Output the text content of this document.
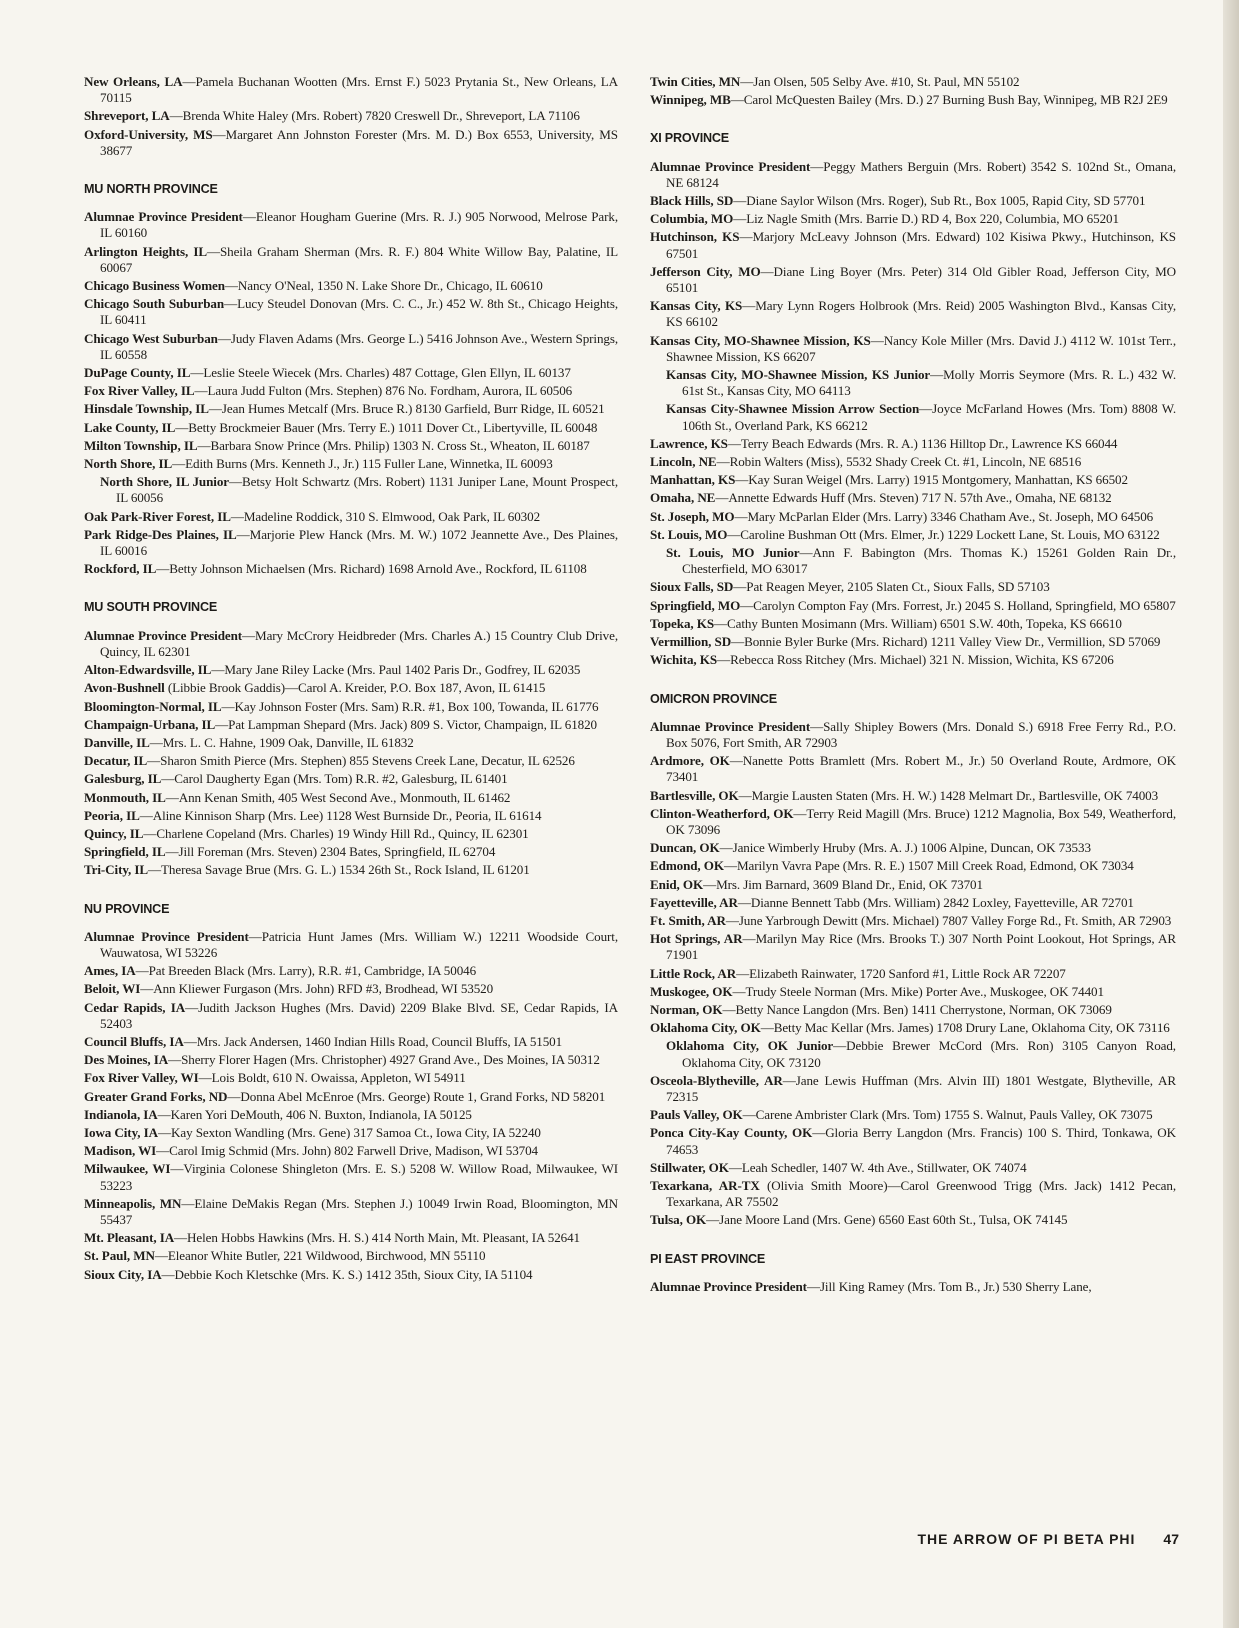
New Orleans, LA—Pamela Buchanan Wootten (Mrs. Ernst F.) 5023 Prytania St., New Orleans, LA 70115
Shreveport, LA—Brenda White Haley (Mrs. Robert) 7820 Creswell Dr., Shreveport, LA 71106
Oxford-University, MS—Margaret Ann Johnston Forester (Mrs. M. D.) Box 6553, University, MS 38677
MU NORTH PROVINCE
Alumnae Province President—Eleanor Hougham Guerine (Mrs. R. J.) 905 Norwood, Melrose Park, IL 60160
Arlington Heights, IL—Sheila Graham Sherman (Mrs. R. F.) 804 White Willow Bay, Palatine, IL 60067
Chicago Business Women—Nancy O'Neal, 1350 N. Lake Shore Dr., Chicago, IL 60610
Chicago South Suburban—Lucy Steudel Donovan (Mrs. C. C., Jr.) 452 W. 8th St., Chicago Heights, IL 60411
Chicago West Suburban—Judy Flaven Adams (Mrs. George L.) 5416 Johnson Ave., Western Springs, IL 60558
DuPage County, IL—Leslie Steele Wiecek (Mrs. Charles) 487 Cottage, Glen Ellyn, IL 60137
Fox River Valley, IL—Laura Judd Fulton (Mrs. Stephen) 876 No. Fordham, Aurora, IL 60506
Hinsdale Township, IL—Jean Humes Metcalf (Mrs. Bruce R.) 8130 Garfield, Burr Ridge, IL 60521
Lake County, IL—Betty Brockmeier Bauer (Mrs. Terry E.) 1011 Dover Ct., Libertyville, IL 60048
Milton Township, IL—Barbara Snow Prince (Mrs. Philip) 1303 N. Cross St., Wheaton, IL 60187
North Shore, IL—Edith Burns (Mrs. Kenneth J., Jr.) 115 Fuller Lane, Winnetka, IL 60093
North Shore, IL Junior—Betsy Holt Schwartz (Mrs. Robert) 1131 Juniper Lane, Mount Prospect, IL 60056
Oak Park-River Forest, IL—Madeline Roddick, 310 S. Elmwood, Oak Park, IL 60302
Park Ridge-Des Plaines, IL—Marjorie Plew Hanck (Mrs. M. W.) 1072 Jeannette Ave., Des Plaines, IL 60016
Rockford, IL—Betty Johnson Michaelsen (Mrs. Richard) 1698 Arnold Ave., Rockford, IL 61108
MU SOUTH PROVINCE
Alumnae Province President—Mary McCrory Heidbreder (Mrs. Charles A.) 15 Country Club Drive, Quincy, IL 62301
Alton-Edwardsville, IL—Mary Jane Riley Lacke (Mrs. Paul 1402 Paris Dr., Godfrey, IL 62035
Avon-Bushnell (Libbie Brook Gaddis)—Carol A. Kreider, P.O. Box 187, Avon, IL 61415
Bloomington-Normal, IL—Kay Johnson Foster (Mrs. Sam) R.R. #1, Box 100, Towanda, IL 61776
Champaign-Urbana, IL—Pat Lampman Shepard (Mrs. Jack) 809 S. Victor, Champaign, IL 61820
Danville, IL—Mrs. L. C. Hahne, 1909 Oak, Danville, IL 61832
Decatur, IL—Sharon Smith Pierce (Mrs. Stephen) 855 Stevens Creek Lane, Decatur, IL 62526
Galesburg, IL—Carol Daugherty Egan (Mrs. Tom) R.R. #2, Galesburg, IL 61401
Monmouth, IL—Ann Kenan Smith, 405 West Second Ave., Monmouth, IL 61462
Peoria, IL—Aline Kinnison Sharp (Mrs. Lee) 1128 West Burnside Dr., Peoria, IL 61614
Quincy, IL—Charlene Copeland (Mrs. Charles) 19 Windy Hill Rd., Quincy, IL 62301
Springfield, IL—Jill Foreman (Mrs. Steven) 2304 Bates, Springfield, IL 62704
Tri-City, IL—Theresa Savage Brue (Mrs. G. L.) 1534 26th St., Rock Island, IL 61201
NU PROVINCE
Alumnae Province President—Patricia Hunt James (Mrs. William W.) 12211 Woodside Court, Wauwatosa, WI 53226
Ames, IA—Pat Breeden Black (Mrs. Larry), R.R. #1, Cambridge, IA 50046
Beloit, WI—Ann Kliewer Furgason (Mrs. John) RFD #3, Brodhead, WI 53520
Cedar Rapids, IA—Judith Jackson Hughes (Mrs. David) 2209 Blake Blvd. SE, Cedar Rapids, IA 52403
Council Bluffs, IA—Mrs. Jack Andersen, 1460 Indian Hills Road, Council Bluffs, IA 51501
Des Moines, IA—Sherry Florer Hagen (Mrs. Christopher) 4927 Grand Ave., Des Moines, IA 50312
Fox River Valley, WI—Lois Boldt, 610 N. Owaissa, Appleton, WI 54911
Greater Grand Forks, ND—Donna Abel McEnroe (Mrs. George) Route 1, Grand Forks, ND 58201
Indianola, IA—Karen Yori DeMouth, 406 N. Buxton, Indianola, IA 50125
Iowa City, IA—Kay Sexton Wandling (Mrs. Gene) 317 Samoa Ct., Iowa City, IA 52240
Madison, WI—Carol Imig Schmid (Mrs. John) 802 Farwell Drive, Madison, WI 53704
Milwaukee, WI—Virginia Colonese Shingleton (Mrs. E. S.) 5208 W. Willow Road, Milwaukee, WI 53223
Minneapolis, MN—Elaine DeMakis Regan (Mrs. Stephen J.) 10049 Irwin Road, Bloomington, MN 55437
Mt. Pleasant, IA—Helen Hobbs Hawkins (Mrs. H. S.) 414 North Main, Mt. Pleasant, IA 52641
St. Paul, MN—Eleanor White Butler, 221 Wildwood, Birchwood, MN 55110
Sioux City, IA—Debbie Koch Kletschke (Mrs. K. S.) 1412 35th, Sioux City, IA 51104
Twin Cities, MN—Jan Olsen, 505 Selby Ave. #10, St. Paul, MN 55102
Winnipeg, MB—Carol McQuesten Bailey (Mrs. D.) 27 Burning Bush Bay, Winnipeg, MB R2J 2E9
XI PROVINCE
Alumnae Province President—Peggy Mathers Berguin (Mrs. Robert) 3542 S. 102nd St., Omana, NE 68124
Black Hills, SD—Diane Saylor Wilson (Mrs. Roger), Sub Rt., Box 1005, Rapid City, SD 57701
Columbia, MO—Liz Nagle Smith (Mrs. Barrie D.) RD 4, Box 220, Columbia, MO 65201
Hutchinson, KS—Marjory McLeavy Johnson (Mrs. Edward) 102 Kisiwa Pkwy., Hutchinson, KS 67501
Jefferson City, MO—Diane Ling Boyer (Mrs. Peter) 314 Old Gibler Road, Jefferson City, MO 65101
Kansas City, KS—Mary Lynn Rogers Holbrook (Mrs. Reid) 2005 Washington Blvd., Kansas City, KS 66102
Kansas City, MO-Shawnee Mission, KS—Nancy Kole Miller (Mrs. David J.) 4112 W. 101st Terr., Shawnee Mission, KS 66207
Kansas City, MO-Shawnee Mission, KS Junior—Molly Morris Seymore (Mrs. R. L.) 432 W. 61st St., Kansas City, MO 64113
Kansas City-Shawnee Mission Arrow Section—Joyce McFarland Howes (Mrs. Tom) 8808 W. 106th St., Overland Park, KS 66212
Lawrence, KS—Terry Beach Edwards (Mrs. R. A.) 1136 Hilltop Dr., Lawrence KS 66044
Lincoln, NE—Robin Walters (Miss), 5532 Shady Creek Ct. #1, Lincoln, NE 68516
Manhattan, KS—Kay Suran Weigel (Mrs. Larry) 1915 Montgomery, Manhattan, KS 66502
Omaha, NE—Annette Edwards Huff (Mrs. Steven) 717 N. 57th Ave., Omaha, NE 68132
St. Joseph, MO—Mary McParlan Elder (Mrs. Larry) 3346 Chatham Ave., St. Joseph, MO 64506
St. Louis, MO—Caroline Bushman Ott (Mrs. Elmer, Jr.) 1229 Lockett Lane, St. Louis, MO 63122
St. Louis, MO Junior—Ann F. Babington (Mrs. Thomas K.) 15261 Golden Rain Dr., Chesterfield, MO 63017
Sioux Falls, SD—Pat Reagen Meyer, 2105 Slaten Ct., Sioux Falls, SD 57103
Springfield, MO—Carolyn Compton Fay (Mrs. Forrest, Jr.) 2045 S. Holland, Springfield, MO 65807
Topeka, KS—Cathy Bunten Mosimann (Mrs. William) 6501 S.W. 40th, Topeka, KS 66610
Vermillion, SD—Bonnie Byler Burke (Mrs. Richard) 1211 Valley View Dr., Vermillion, SD 57069
Wichita, KS—Rebecca Ross Ritchey (Mrs. Michael) 321 N. Mission, Wichita, KS 67206
OMICRON PROVINCE
Alumnae Province President—Sally Shipley Bowers (Mrs. Donald S.) 6918 Free Ferry Rd., P.O. Box 5076, Fort Smith, AR 72903
Ardmore, OK—Nanette Potts Bramlett (Mrs. Robert M., Jr.) 50 Overland Route, Ardmore, OK 73401
Bartlesville, OK—Margie Lausten Staten (Mrs. H. W.) 1428 Melmart Dr., Bartlesville, OK 74003
Clinton-Weatherford, OK—Terry Reid Magill (Mrs. Bruce) 1212 Magnolia, Box 549, Weatherford, OK 73096
Duncan, OK—Janice Wimberly Hruby (Mrs. A. J.) 1006 Alpine, Duncan, OK 73533
Edmond, OK—Marilyn Vavra Pape (Mrs. R. E.) 1507 Mill Creek Road, Edmond, OK 73034
Enid, OK—Mrs. Jim Barnard, 3609 Bland Dr., Enid, OK 73701
Fayetteville, AR—Dianne Bennett Tabb (Mrs. William) 2842 Loxley, Fayetteville, AR 72701
Ft. Smith, AR—June Yarbrough Dewitt (Mrs. Michael) 7807 Valley Forge Rd., Ft. Smith, AR 72903
Hot Springs, AR—Marilyn May Rice (Mrs. Brooks T.) 307 North Point Lookout, Hot Springs, AR 71901
Little Rock, AR—Elizabeth Rainwater, 1720 Sanford #1, Little Rock AR 72207
Muskogee, OK—Trudy Steele Norman (Mrs. Mike) Porter Ave., Muskogee, OK 74401
Norman, OK—Betty Nance Langdon (Mrs. Ben) 1411 Cherrystone, Norman, OK 73069
Oklahoma City, OK—Betty Mac Kellar (Mrs. James) 1708 Drury Lane, Oklahoma City, OK 73116
Oklahoma City, OK Junior—Debbie Brewer McCord (Mrs. Ron) 3105 Canyon Road, Oklahoma City, OK 73120
Osceola-Blytheville, AR—Jane Lewis Huffman (Mrs. Alvin III) 1801 Westgate, Blytheville, AR 72315
Pauls Valley, OK—Carene Ambrister Clark (Mrs. Tom) 1755 S. Walnut, Pauls Valley, OK 73075
Ponca City-Kay County, OK—Gloria Berry Langdon (Mrs. Francis) 100 S. Third, Tonkawa, OK 74653
Stillwater, OK—Leah Schedler, 1407 W. 4th Ave., Stillwater, OK 74074
Texarkana, AR-TX (Olivia Smith Moore)—Carol Greenwood Trigg (Mrs. Jack) 1412 Pecan, Texarkana, AR 75502
Tulsa, OK—Jane Moore Land (Mrs. Gene) 6560 East 60th St., Tulsa, OK 74145
PI EAST PROVINCE
Alumnae Province President—Jill King Ramey (Mrs. Tom B., Jr.) 530 Sherry Lane,
THE ARROW OF PI BETA PHI 47
